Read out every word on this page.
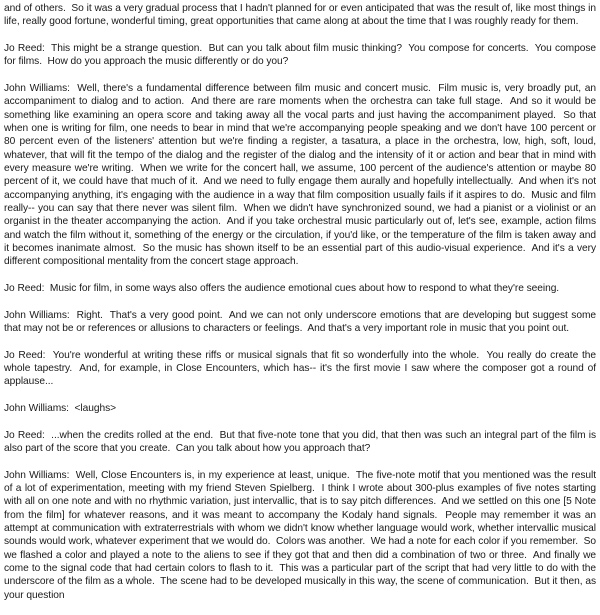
and of others.  So it was a very gradual process that I hadn't planned for or even anticipated that was the result of, like most things in life, really good fortune, wonderful timing, great opportunities that came along at about the time that I was roughly ready for them.

Jo Reed:  This might be a strange question.  But can you talk about film music thinking?  You compose for concerts.  You compose for films.  How do you approach the music differently or do you?

John Williams:  Well, there's a fundamental difference between film music and concert music.  Film music is, very broadly put, an accompaniment to dialog and to action.  And there are rare moments when the orchestra can take full stage.  And so it would be something like examining an opera score and taking away all the vocal parts and just having the accompaniment played.  So that when one is writing for film, one needs to bear in mind that we're accompanying people speaking and we don't have 100 percent or 80 percent even of the listeners' attention but we're finding a register, a tasatura, a place in the orchestra, low, high, soft, loud, whatever, that will fit the tempo of the dialog and the register of the dialog and the intensity of it or action and bear that in mind with every measure we're writing.  When we write for the concert hall, we assume, 100 percent of the audience's attention or maybe 80 percent of it, we could have that much of it.  And we need to fully engage them aurally and hopefully intellectually.  And when it's not accompanying anything, it's engaging with the audience in a way that film composition usually fails if it aspires to do.  Music and film really-- you can say that there never was silent film.  When we didn't have synchronized sound, we had a pianist or a violinist or an organist in the theater accompanying the action.  And if you take orchestral music particularly out of, let's see, example, action films and watch the film without it, something of the energy or the circulation, if you'd like, or the temperature of the film is taken away and it becomes inanimate almost.  So the music has shown itself to be an essential part of this audio-visual experience.  And it's a very different compositional mentality from the concert stage approach.

Jo Reed:  Music for film, in some ways also offers the audience emotional cues about how to respond to what they're seeing.

John Williams:  Right.  That's a very good point.  And we can not only underscore emotions that are developing but suggest some that may not be or references or allusions to characters or feelings.  And that's a very important role in music that you point out.

Jo Reed:  You're wonderful at writing these riffs or musical signals that fit so wonderfully into the whole.  You really do create the whole tapestry.  And, for example, in Close Encounters, which has-- it's the first movie I saw where the composer got a round of applause...

John Williams:  <laughs>

Jo Reed:  ...when the credits rolled at the end.  But that five-note tone that you did, that then was such an integral part of the film is also part of the score that you create.  Can you talk about how you approach that?

John Williams:  Well, Close Encounters is, in my experience at least, unique.  The five-note motif that you mentioned was the result of a lot of experimentation, meeting with my friend Steven Spielberg.  I think I wrote about 300-plus examples of five notes starting with all on one note and with no rhythmic variation, just intervallic, that is to say pitch differences.  And we settled on this one [5 Note from the film] for whatever reasons, and it was meant to accompany the Kodaly hand signals.  People may remember it was an attempt at communication with extraterrestrials with whom we didn't know whether language would work, whether intervallic musical sounds would work, whatever experiment that we would do.  Colors was another.  We had a note for each color if you remember.  So we flashed a color and played a note to the aliens to see if they got that and then did a combination of two or three.  And finally we come to the signal code that had certain colors to flash to it.  This was a particular part of the script that had very little to do with the underscore of the film as a whole.  The scene had to be developed musically in this way, the scene of communication.  But it then, as your question
